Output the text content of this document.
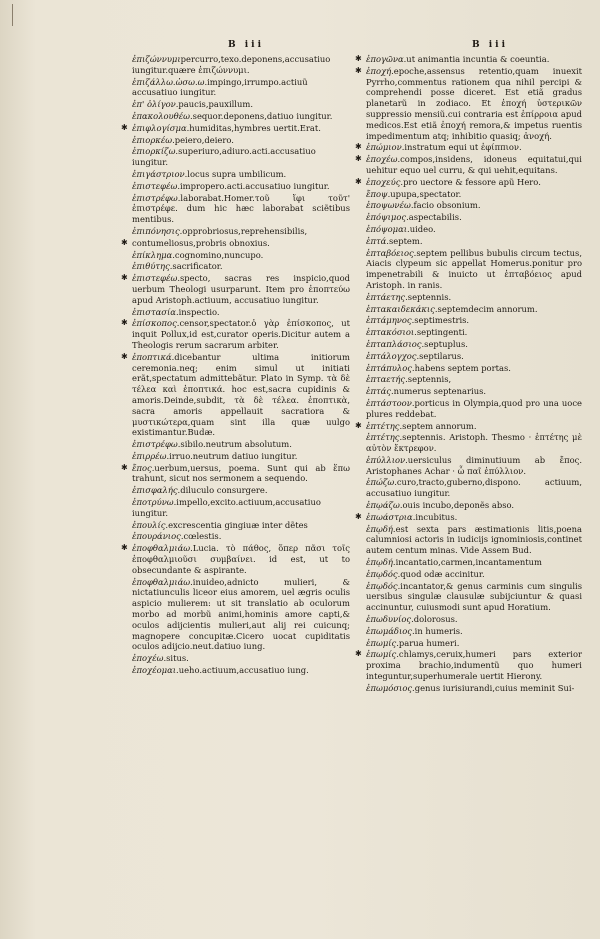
B iii	B iii
ἐπιζώννυμιpercurro,texo.deponens,accusatiuo iungitur.quære ἐπιζώννυμι.
ἐπιζάλλω.ὠσω.ω.impingo,irrumpo.actiuũ accusatiuo iungitur.
ἐπ' ὀλίγον.paucis,pauxillum.
ἐπακολουθέω.sequor.deponens,datiuo iungitur.
✱ ἐπιφλογίσμα.humiditas,hymbres uertit.Erat.
ἐπιορκέω.peiero,deiero.
ἐπιορκίζω.superiuro,adiuro.acti.accusatiuo iungitur.
ἐπιγάστριον.locus supra umbilicum.
ἐπιστεφέω.impropero.acti.accusatiuo iungitur.
ἐπιστρέφω.laborabat.Homer.τοῦ ἴφι τοῦτ' ἐπιστρέφε. dum hic hæc laborabat sciẽtibus mentibus.
ἐπιπόνησις.opprobriosus,reprehensibilis,
✱ contumeliosus,probris obnoxius.
ἐπίκλημα.cognomino,nuncupo.
ἐπιθύτης.sacrificator.
✱ ἐπιστεφέω.specto, sacras res inspicio,quod uerbum Theologi usurparunt. Item pro ἐποπτεύω apud Aristoph.actiuum, accusatiuo iungitur.
ἐπιστασία.inspectio.
✱ ἐπίσκοπος.censor,spectator.ὁ γὰρ ἐπίσκοπος, ut inquit Pollux,id est,curator operis.Dicitur autem a Theologis rerum sacrarum arbiter.
✱ ἐποπτικά.dicebantur ultima initiorum ceremonia.neq; enim simul ut initiati erãt,spectatum admittebãtur. Plato in Symp. τὰ δὲ τέλεα καὶ ἐποπτικά. hoc est,sacra cupidinis & amoris.Deinde,subdit, τὰ δὲ τέλεα. ἐποπτικὰ, sacra amoris appellauit sacratiora & μυστικώτερα,quam sint illa quæ uulgo existimantur.Budæ.
ἐπιστρέφω.sibilo.neutrum absolutum.
ἐπιρρέω.irruo.neutrum datiuo iungitur.
✱ ἔπος.uerbum,uersus, poema. Sunt qui ab ἕπω trahunt, sicut nos sermonem a sequendo.
ἐπισφαλής.diluculo consurgere.
ἐποτρύνω.impello,excito.actiuum,accusatiuo iungitur.
ἐπουλίς.excrescentia gingiuæ inter dẽtes
ἐπουράνιος.cœlestis.
✱ ἐποφθαλμιάω.Lucia. τὸ πάθος, ὅπερ πᾶσι τοῖς ἐποφθαλμιοῦσι συμβαίνει. id est, ut to obsecundante & aspirante.
ἐποφθαλμιάω.inuideo,adnicto mulieri, & nictatiunculis liceor eius amorem, uel ægris oculis aspicio mulierem: ut sit translatio ab oculorum morbo ad morbũ animi,hominis amore capti,& oculos adijcientis mulieri,aut alij rei cuicunq; magnopere concupitæ.Cicero uocat cupiditatis oculos adijcio.neut.datiuo iung.
ἐποχέω.situs.
ἐποχέομαι.ueho.actiuum,accusatiuo iung.
✱ ἐπογῶνα.ut animantia incuntia & coeuntia.
✱ ἐποχή.epoche,assensus retentio,quam inuexit Pyrrho,commentus rationem qua nihil percipi & comprehendi posse diceret. Est etiã gradus planetarũ in zodiaco. Et ἐποχή ὑστερικῶν suppressio mensiũ.cui contraria est ἐπίρροια apud medicos.Est etiã ἐποχή remora,& impetus ruentis impedimentum atq; inhibitio quasiq; ἀνοχή.
✱ ἐπώμιον.instratum equi ut ἐφίππιον.
✱ ἐποχέω.compos,insidens, idoneus equitatui,qui uehitur equo uel curru, & qui uehit,equitans.
✱ ἐποχεύς.pro uectore & fessore apũ Hero.
ἔποψ.upupa,spectator.
ἐποψωνέω.facio obsonium.
ἐπόψιμος.aspectabilis.
ἐπόψομαι.uideo.
ἑπτά.septem.
ἑπταβόειος.septem pellibus bubulis circum tectus, Aiacis clypeum sic appellat Homerus.ponitur pro impenetrabili & inuicto ut ἑπταβόειος apud Aristoph. in ranis.
ἑπτάετης.septennis.
ἑπτακαιδεκάκις.septemdecim annorum.
ἑπτάμηνος.septimestris.
ἑπτακόσιοι.septingenti.
ἑπταπλάσιος.septuplus.
ἑπτάλογχος.septilarus.
ἑπτάπυλος.habens septem portas.
ἑπταετής.septennis,
ἑπτάς.numerus septenarius.
ἑπτάστοον.porticus in Olympia,quod pro una uoce plures reddebat.
✱ ἑπτέτης.septem annorum.
ἑπτέτης.septennis. Aristoph. Thesmo · ἑπτέτης μὲ αὐτὸν ἔκτρεφον.
ἐπύλλιον.uersiculus diminutiuum ab ἔπος. Aristophanes Achar · ὦ παῖ ἐπύλλιον.
ἐπώζω.curo,tracto,guberno,dispono. actiuum, accusatiuo iungitur.
ἐπῳάζω.ouis incubo,deponẽs abso.
✱ ἐπωάστρια.incubitus.
ἐπῳδή.est sexta pars æstimationis litis,poena calumniosi actoris in iudicijs ignominiosis,continet autem centum minas. Vide Assem Bud.
ἐπῳδή.incantatio,carmen,incantamentum
ἐπῳδός.quod odæ accinitur.
ἐπῳδός.incantator,& genus carminis cum singulis uersibus singulæ clausulæ subijciuntur & quasi accinuntur, cuiusmodi sunt apud Horatium.
ἐπωδυνίος.dolorosus.
ἐπωμάδιος.in humeris.
ἐπωμίς.parua humeri.
✱ ἐπωμίς.chlamys,ceruix,humeri pars exterior proxima brachio,indumentũ quo humeri integuntur,superhumerale uertit Hierony.
ἐπωμόσιος.genus iurisiurandi,cuius meminit Sui-
